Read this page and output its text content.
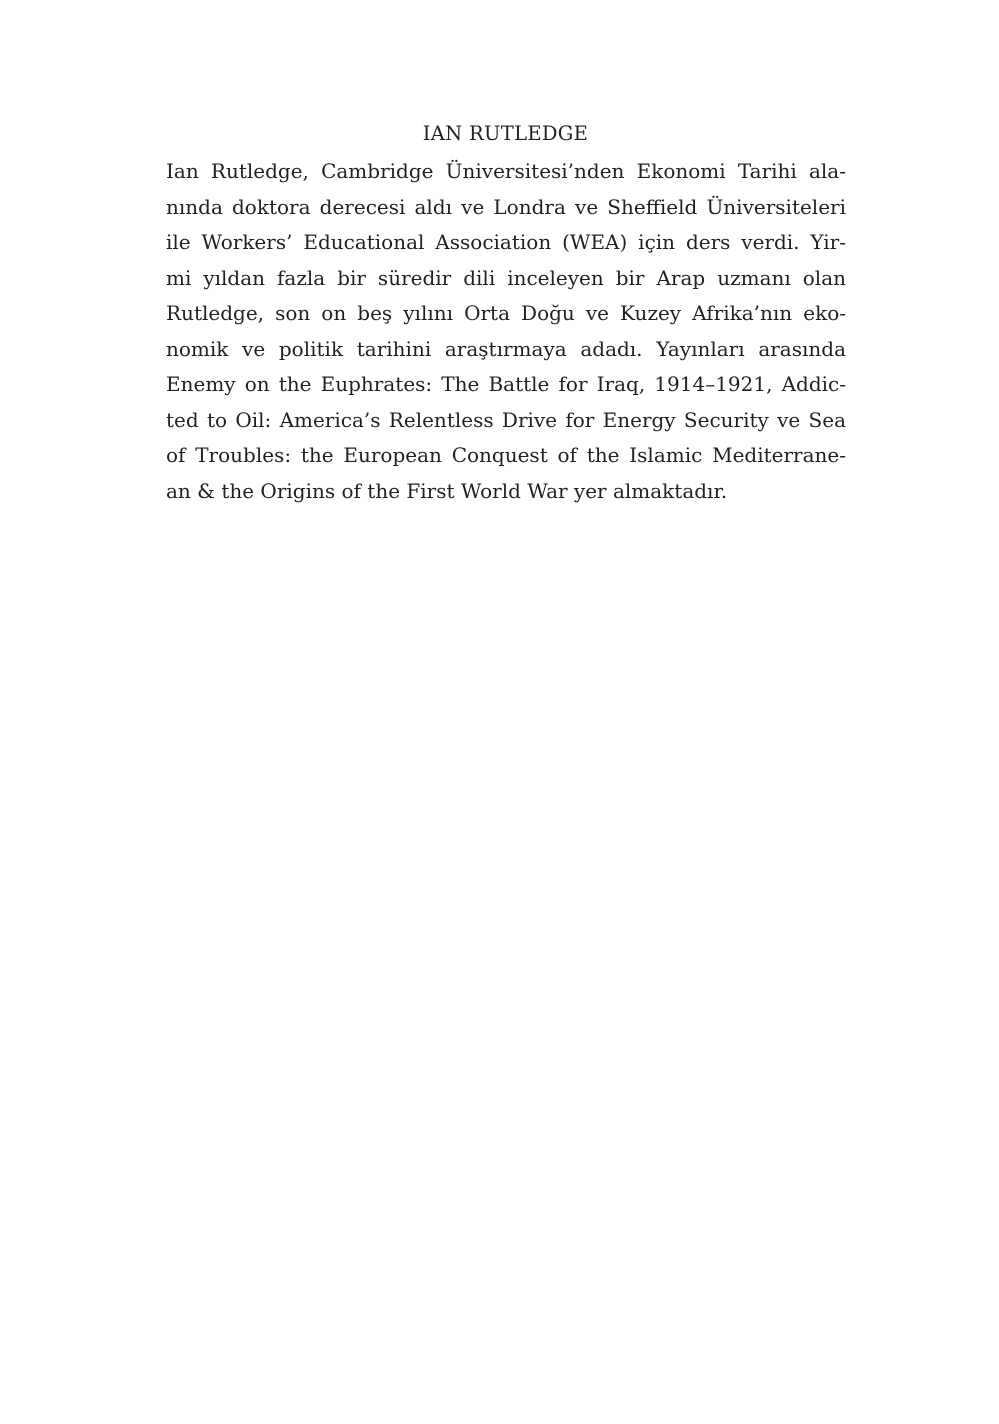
IAN RUTLEDGE
Ian Rutledge, Cambridge Üniversitesi’nden Ekonomi Tarihi ala-
nında doktora derecesi aldı ve Londra ve Sheffield Üniversiteleri
ile Workers’ Educational Association (WEA) için ders verdi. Yir-
mi yıldan fazla bir süredir dili inceleyen bir Arap uzmanı olan
Rutledge, son on beş yılını Orta Doğu ve Kuzey Afrika’nın eko-
nomik ve politik tarihini araştırmaya adadı. Yayınları arasında
Enemy on the Euphrates: The Battle for Iraq, 1914–1921, Addic-
ted to Oil: America’s Relentless Drive for Energy Security ve Sea
of Troubles: the European Conquest of the Islamic Mediterrane-
an & the Origins of the First World War yer almaktadır.
